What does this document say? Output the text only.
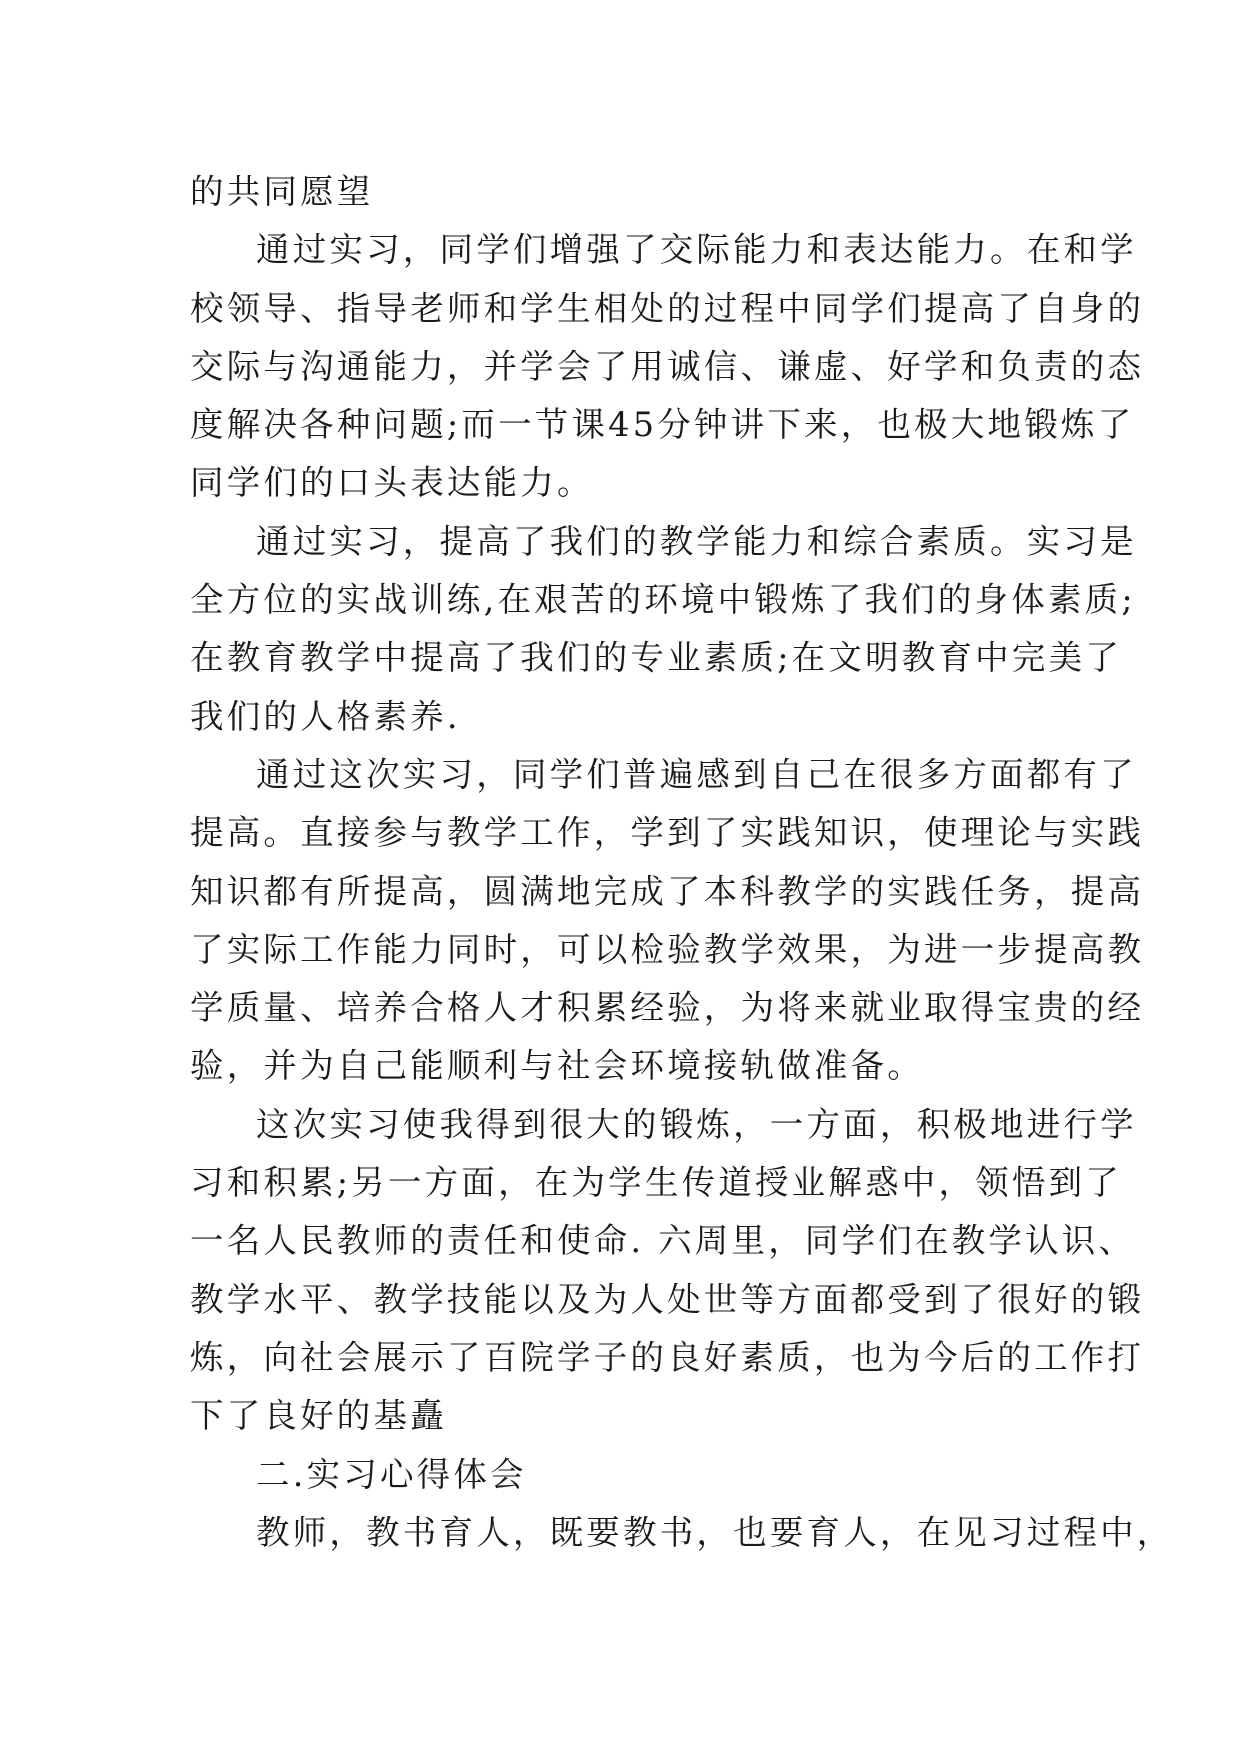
的共同愿望
通过实习，同学们增强了交际能力和表达能力。在和学
校领导、指导老师和学生相处的过程中同学们提高了自身的
交际与沟通能力，并学会了用诚信、谦虚、好学和负责的态
度解决各种问题;而一节课45分钟讲下来，也极大地锻炼了
同学们的口头表达能力。
通过实习，提高了我们的教学能力和综合素质。实习是
全方位的实战训练,在艰苦的环境中锻炼了我们的身体素质;
在教育教学中提高了我们的专业素质;在文明教育中完美了
我们的人格素养.
通过这次实习，同学们普遍感到自己在很多方面都有了
提高。直接参与教学工作，学到了实践知识，使理论与实践
知识都有所提高，圆满地完成了本科教学的实践任务，提高
了实际工作能力同时，可以检验教学效果，为进一步提高教
学质量、培养合格人才积累经验，为将来就业取得宝贵的经
验，并为自己能顺利与社会环境接轨做准备。
这次实习使我得到很大的锻炼，一方面，积极地进行学
习和积累;另一方面，在为学生传道授业解惑中，领悟到了
一名人民教师的责任和使命. 六周里，同学们在教学认识、
教学水平、教学技能以及为人处世等方面都受到了很好的锻
炼，向社会展示了百院学子的良好素质，也为今后的工作打
下了良好的基矗
二.实习心得体会
教师，教书育人，既要教书，也要育人，在见习过程中，
